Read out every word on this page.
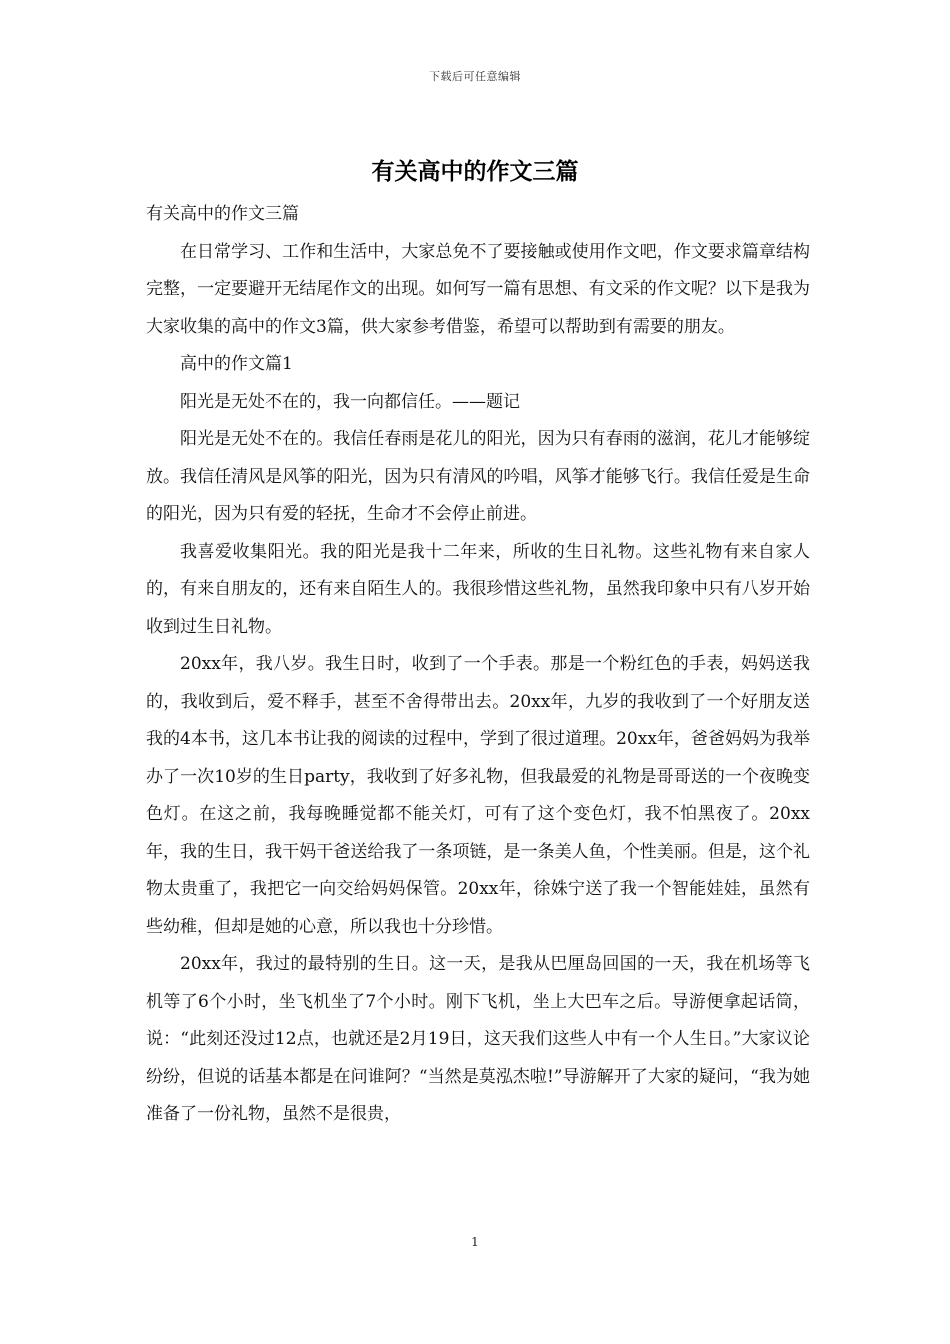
下载后可任意编辑
有关高中的作文三篇

有关高中的作文三篇

在日常学习、工作和生活中，大家总免不了要接触或使用作文吧，作文要求篇章结构完整，一定要避开无结尾作文的出现。如何写一篇有思想、有文采的作文呢？以下是我为大家收集的高中的作文3篇，供大家参考借鉴，希望可以帮助到有需要的朋友。

高中的作文篇1

阳光是无处不在的，我一向都信任。——题记

阳光是无处不在的。我信任春雨是花儿的阳光，因为只有春雨的滋润，花儿才能够绽放。我信任清风是风筝的阳光，因为只有清风的吟唱，风筝才能够飞行。我信任爱是生命的阳光，因为只有爱的轻抚，生命才不会停止前进。

我喜爱收集阳光。我的阳光是我十二年来，所收的生日礼物。这些礼物有来自家人的，有来自朋友的，还有来自陌生人的。我很珍惜这些礼物，虽然我印象中只有八岁开始收到过生日礼物。

20xx年，我八岁。我生日时，收到了一个手表。那是一个粉红色的手表，妈妈送我的，我收到后，爱不释手，甚至不舍得带出去。20xx年，九岁的我收到了一个好朋友送我的4本书，这几本书让我的阅读的过程中，学到了很过道理。20xx年，爸爸妈妈为我举办了一次10岁的生日party，我收到了好多礼物，但我最爱的礼物是哥哥送的一个夜晚变色灯。在这之前，我每晚睡觉都不能关灯，可有了这个变色灯，我不怕黑夜了。20xx年，我的生日，我干妈干爸送给我了一条项链，是一条美人鱼，个性美丽。但是，这个礼物太贵重了，我把它一向交给妈妈保管。20xx年，徐姝宁送了我一个智能娃娃，虽然有些幼稚，但却是她的心意，所以我也十分珍惜。

20xx年，我过的最特别的生日。这一天，是我从巴厘岛回国的一天，我在机场等飞机等了6个小时，坐飞机坐了7个小时。刚下飞机，坐上大巴车之后。导游便拿起话筒，说：“此刻还没过12点，也就还是2月19日，这天我们这些人中有一个人生日。”大家议论纷纷，但说的话基本都是在问谁阿？“当然是莫泓杰啦!”导游解开了大家的疑问，“我为她准备了一份礼物，虽然不是很贵，

1
